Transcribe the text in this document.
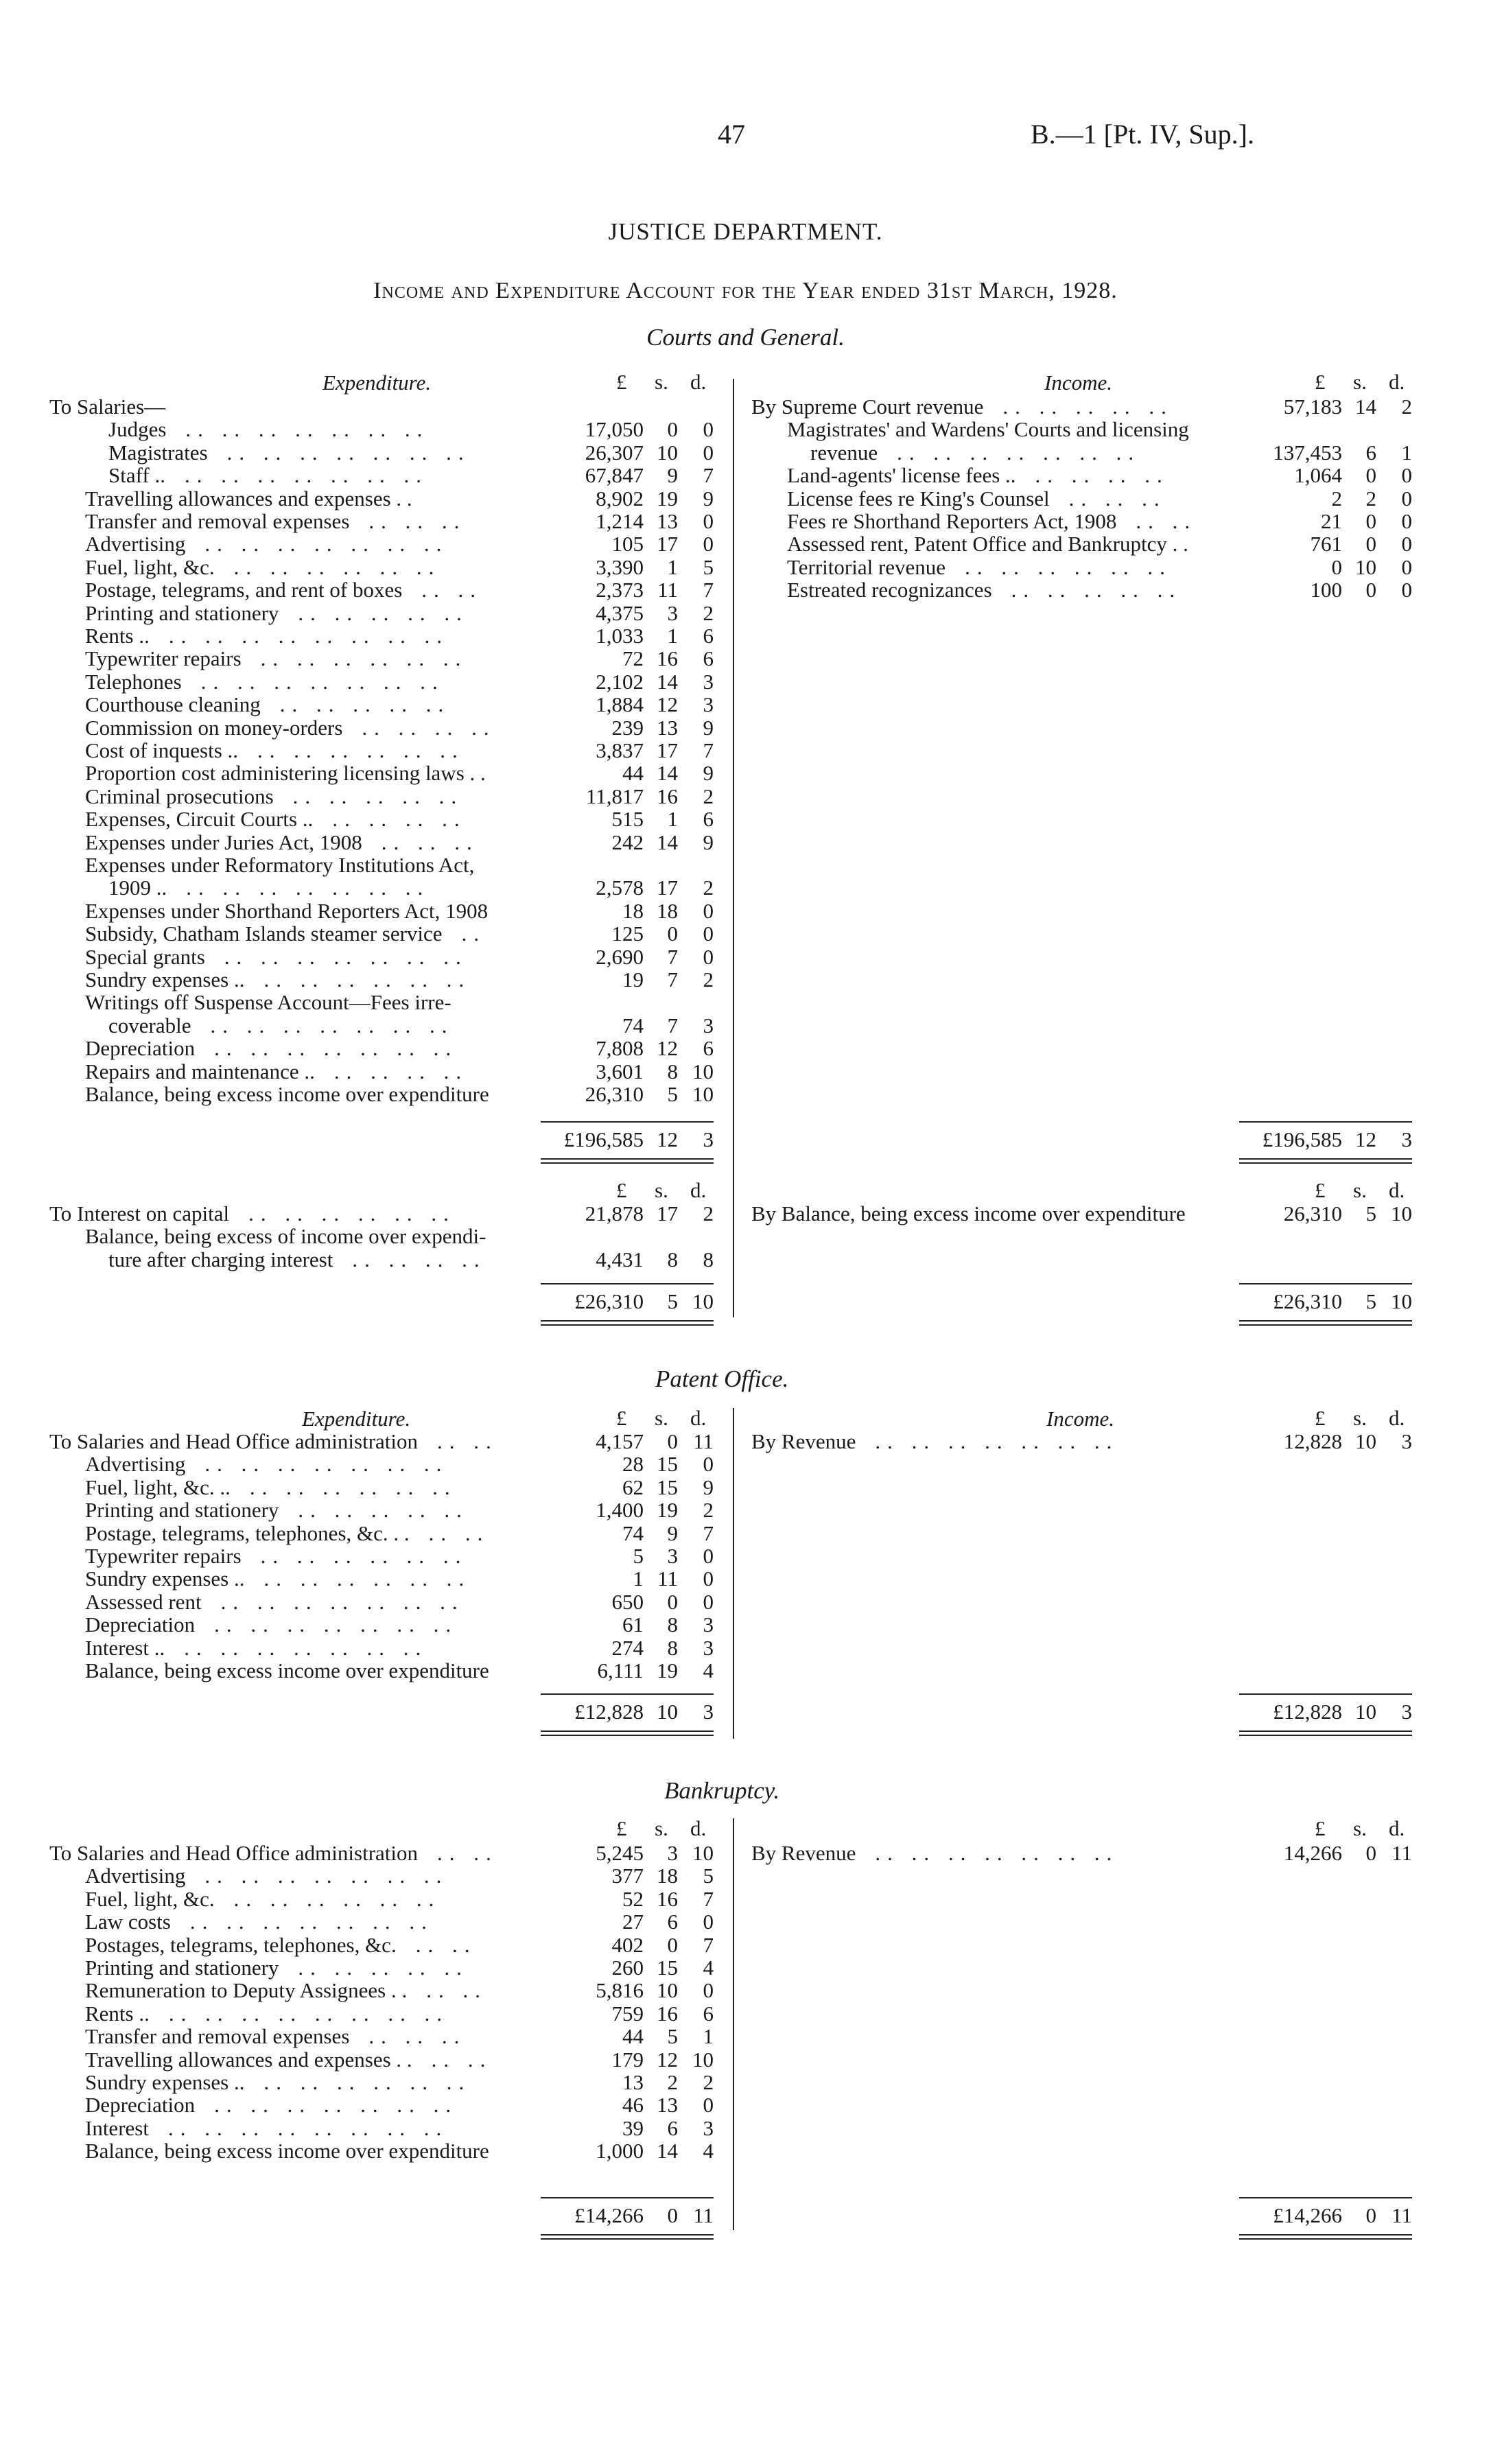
47	B.—1 [Pt. IV, Sup.].
JUSTICE DEPARTMENT.
Income and Expenditure Account for the Year ended 31st March, 1928.
Courts and General.
Expenditure.	Income.
£ s. d.
To Salaries—
Judges .. .. .. .. .. .. ..	17,050	0	0
Magistrates .. .. .. .. .. .. ..	26,307 10	0
Staff .. .. .. .. .. .. .. ..	67,847	9	7
Travelling allowances and expenses . .	8,902 19	9
Transfer and removal expenses .. .. ..	1,214 13	0
Advertising .. .. .. .. .. .. ..	105 17	0
Fuel, light, &c. .. .. .. .. .. ..	3,390	1	5
Postage, telegrams, and rent of boxes .. ..	2,373 11	7
Printing and stationery .. .. .. .. ..	4,375	3	2
Rents .. .. .. .. .. .. .. .. ..	1,033	1	6
Typewriter repairs .. .. .. .. .. ..	72 16	6
Telephones .. .. .. .. .. .. ..	2,102 14	3
Courthouse cleaning .. .. .. .. ..	1,884 12	3
Commission on money-orders .. .. .. ..	239 13	9
Cost of inquests .. .. .. .. .. .. ..	3,837 17	7
Proportion cost administering licensing laws . .	44 14	9
Criminal prosecutions .. .. .. .. ..	11,817 16	2
Expenses, Circuit Courts .. .. .. .. ..	515	1	6
Expenses under Juries Act, 1908 .. .. ..	242 14	9
Expenses under Reformatory Institutions Act,
1909 .. .. .. .. .. .. .. ..	2,578 17	2
Expenses under Shorthand Reporters Act, 1908	18 18	0
Subsidy, Chatham Islands steamer service ..	125	0	0
Special grants .. .. .. .. .. .. ..	2,690	7	0
Sundry expenses .. .. .. .. .. .. ..	19	7	2
Writings off Suspense Account—Fees irre-
coverable .. .. .. .. .. .. ..	74	7	3
Depreciation .. .. .. .. .. .. ..	7,808 12	6
Repairs and maintenance .. .. .. .. ..	3,601	8 10
Balance, being excess income over expenditure	26,310	5 10
£196,585 12	3
£ s. d.
By Supreme Court revenue .. .. .. .. ..	57,183 14	2
Magistrates' and Wardens' Courts and licensing
revenue .. .. .. .. .. .. ..	137,453	6	1
Land-agents' license fees .. .. .. .. ..	1,064	0	0
License fees re King's Counsel .. .. ..	2	2	0
Fees re Shorthand Reporters Act, 1908 .. ..	21	0	0
Assessed rent, Patent Office and Bankruptcy . .	761	0	0
Territorial revenue .. .. .. .. .. ..	0 10	0
Estreated recognizances .. .. .. .. ..	100	0	0
£196,585 12	3
£ s. d.
To Interest on capital .. .. .. .. .. ..	21,878 17	2
Balance, being excess of income over expendi-
ture after charging interest .. .. .. ..	4,431	8	8
£26,310	5 10
£ s. d.
By Balance, being excess income over expenditure	26,310	5 10
£26,310	5 10
Patent Office.
Expenditure.	Income.
£ s. d.
To Salaries and Head Office administration .. ..	4,157	0 11
Advertising .. .. .. .. .. .. ..	28 15	0
Fuel, light, &c. .. .. .. .. .. .. ..	62 15	9
Printing and stationery .. .. .. .. ..	1,400 19	2
Postage, telegrams, telephones, &c. . . .. ..	74	9	7
Typewriter repairs .. .. .. .. .. ..	5	3	0
Sundry expenses .. .. .. .. .. .. ..	1 11	0
Assessed rent .. .. .. .. .. .. ..	650	0	0
Depreciation .. .. .. .. .. .. ..	61	8	3
Interest .. .. .. .. .. .. .. ..	274	8	3
Balance, being excess income over expenditure	6,111 19	4
£12,828 10	3
£ s. d.
By Revenue .. .. .. .. .. .. ..	12,828 10	3
£12,828 10	3
Bankruptcy.
£ s. d.
To Salaries and Head Office administration .. ..	5,245	3 10
Advertising .. .. .. .. .. .. ..	377 18	5
Fuel, light, &c. .. .. .. .. .. ..	52 16	7
Law costs .. .. .. .. .. .. ..	27	6	0
Postages, telegrams, telephones, &c. .. ..	402	0	7
Printing and stationery .. .. .. .. ..	260 15	4
Remuneration to Deputy Assignees . . .. ..	5,816 10	0
Rents .. .. .. .. .. .. .. .. ..	759 16	6
Transfer and removal expenses .. .. ..	44	5	1
Travelling allowances and expenses . . .. ..	179 12 10
Sundry expenses .. .. .. .. .. .. ..	13	2	2
Depreciation .. .. .. .. .. .. ..	46 13	0
Interest .. .. .. .. .. .. .. ..	39	6	3
Balance, being excess income over expenditure	1,000 14	4
£14,266	0 11
£ s. d.
By Revenue .. .. .. .. .. .. ..	14,266	0 11
£14,266	0 11
